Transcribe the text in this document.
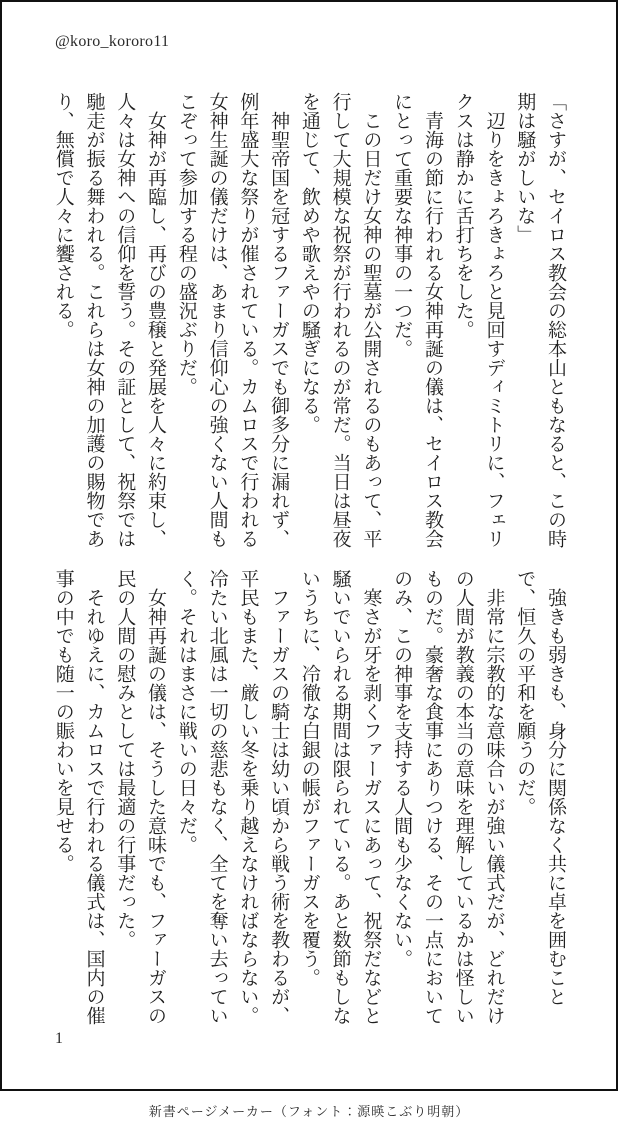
@koro_kororo11

「さすが、セイロス教会の総本山ともなると、この時期は騒がしいな」

　辺りをきょろきょろと見回すディミトリに、フェリクスは静かに舌打ちをした。

　青海の節に行われる女神再誕の儀は、セイロス教会にとって重要な神事の一つだ。

　この日だけ女神の聖墓が公開されるのもあって、平行して大規模な祝祭が行われるのが常だ。当日は昼夜を通じて、飲めや歌えやの騒ぎになる。

　神聖帝国を冠するファーガスでも御多分に漏れず、例年盛大な祭りが催されている。カムロスで行われる女神生誕の儀だけは、あまり信仰心の強くない人間もこぞって参加する程の盛況ぶりだ。

　女神が再臨し、再びの豊穣と発展を人々に約束し、人々は女神への信仰を誓う。その証として、祝祭では馳走が振る舞われる。これらは女神の加護の賜物であり、無償で人々に饗される。

　強きも弱きも、身分に関係なく共に卓を囲むことで、恒久の平和を願うのだ。

　非常に宗教的な意味合いが強い儀式だが、どれだけの人間が教義の本当の意味を理解しているかは怪しいものだ。豪奢な食事にありつける、その一点においてのみ、この神事を支持する人間も少なくない。

　寒さが牙を剥くファーガスにあって、祝祭だなどと騒いでいられる期間は限られている。あと数節もしないうちに、冷徹な白銀の帳がファーガスを覆う。

　ファーガスの騎士は幼い頃から戦う術を教わるが、平民もまた、厳しい冬を乗り越えなければならない。冷たい北風は一切の慈悲もなく、全てを奪い去っていく。それはまさに戦いの日々だ。

　女神再誕の儀は、そうした意味でも、ファーガスの民の人間の慰みとしては最適の行事だった。

　それゆえに、カムロスで行われる儀式は、国内の催事の中でも随一の賑わいを見せる。

1
新書ページメーカー（フォント：源暎こぶり明朝）
